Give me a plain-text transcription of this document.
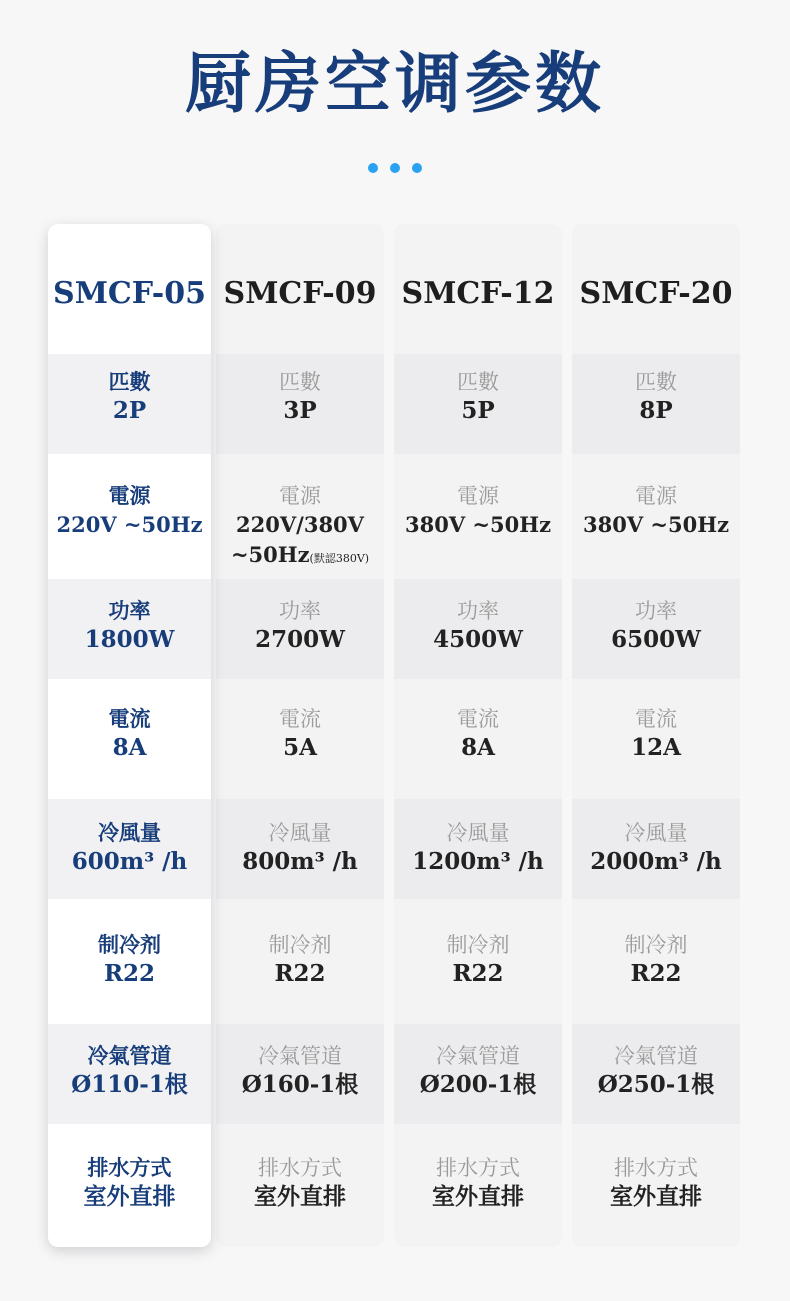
厨房空调参数
SMCF-05
匹數
2P
電源
220V ~50Hz
功率
1800W
電流
8A
冷風量
600m³ /h
制冷剂
R22
冷氣管道
Ø110-1根
排水方式
室外直排
SMCF-09
匹數
3P
電源
220V/380V
~50Hz(默認380V)
功率
2700W
電流
5A
冷風量
800m³ /h
制冷剂
R22
冷氣管道
Ø160-1根
排水方式
室外直排
SMCF-12
匹數
5P
電源
380V ~50Hz
功率
4500W
電流
8A
冷風量
1200m³ /h
制冷剂
R22
冷氣管道
Ø200-1根
排水方式
室外直排
SMCF-20
匹數
8P
電源
380V ~50Hz
功率
6500W
電流
12A
冷風量
2000m³ /h
制冷剂
R22
冷氣管道
Ø250-1根
排水方式
室外直排
